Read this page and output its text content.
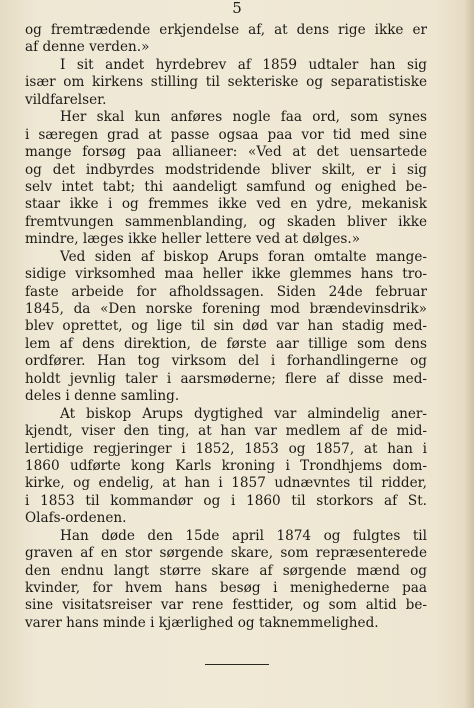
5
og fremtrædende erkjendelse af, at dens rige ikke er
af denne verden.»
I sit andet hyrdebrev af 1859 udtaler han sig
især om kirkens stilling til sekteriske og separatistiske
vildfarelser.
Her skal kun anføres nogle faa ord, som synes
i særegen grad at passe ogsaa paa vor tid med sine
mange forsøg paa allianeer: «Ved at det uensartede
og det indbyrdes modstridende bliver skilt, er i sig
selv intet tabt; thi aandeligt samfund og enighed be-
staar ikke i og fremmes ikke ved en ydre, mekanisk
fremtvungen sammenblanding, og skaden bliver ikke
mindre, læges ikke heller lettere ved at dølges.»
Ved siden af biskop Arups foran omtalte mange-
sidige virksomhed maa heller ikke glemmes hans tro-
faste arbeide for afholdssagen. Siden 24de februar
1845, da «Den norske forening mod brændevinsdrik»
blev oprettet, og lige til sin død var han stadig med-
lem af dens direktion, de første aar tillige som dens
ordfører. Han tog virksom del i forhandlingerne og
holdt jevnlig taler i aarsmøderne; flere af disse med-
deles i denne samling.
At biskop Arups dygtighed var almindelig aner-
kjendt, viser den ting, at han var medlem af de mid-
lertidige regjeringer i 1852, 1853 og 1857, at han i
1860 udførte kong Karls kroning i Trondhjems dom-
kirke, og endelig, at han i 1857 udnævntes til ridder,
i 1853 til kommandør og i 1860 til storkors af St.
Olafs-ordenen.
Han døde den 15de april 1874 og fulgtes til
graven af en stor sørgende skare, som repræsenterede
den endnu langt større skare af sørgende mænd og
kvinder, for hvem hans besøg i menighederne paa
sine visitatsreiser var rene festtider, og som altid be-
varer hans minde i kjærlighed og taknemmelighed.
